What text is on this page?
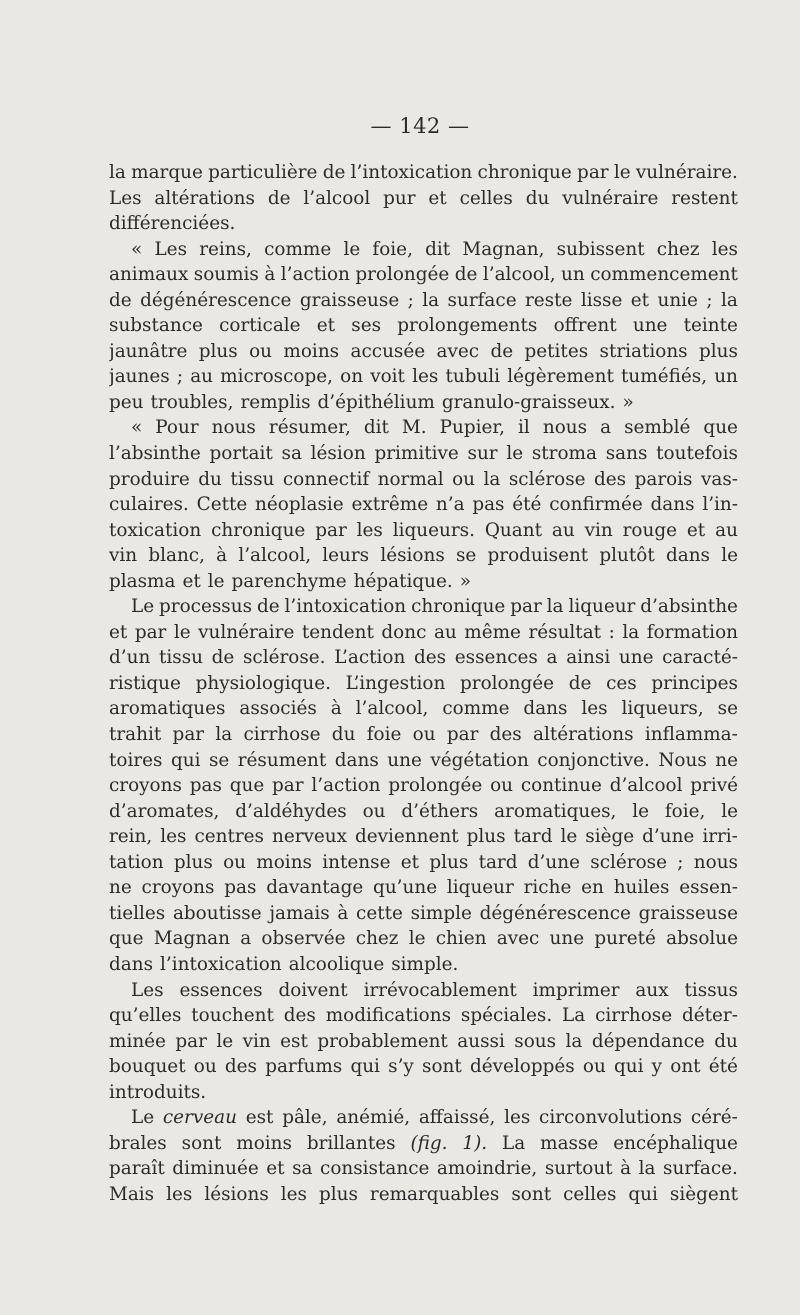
— 142 —
la marque particulière de l’intoxication chronique par le vulnéraire.
Les altérations de l’alcool pur et celles du vulnéraire restent
différenciées.
« Les reins, comme le foie, dit Magnan, subissent chez les
animaux soumis à l’action prolongée de l’alcool, un commencement
de dégénérescence graisseuse ; la surface reste lisse et unie ; la
substance corticale et ses prolongements offrent une teinte
jaunâtre plus ou moins accusée avec de petites striations plus
jaunes ; au microscope, on voit les tubuli légèrement tuméfiés, un
peu troubles, remplis d’épithélium granulo-graisseux. »
« Pour nous résumer, dit M. Pupier, il nous a semblé que
l’absinthe portait sa lésion primitive sur le stroma sans toutefois
produire du tissu connectif normal ou la sclérose des parois vas-
culaires. Cette néoplasie extrême n’a pas été confirmée dans l’in-
toxication chronique par les liqueurs. Quant au vin rouge et au
vin blanc, à l’alcool, leurs lésions se produisent plutôt dans le
plasma et le parenchyme hépatique. »
Le processus de l’intoxication chronique par la liqueur d’absinthe
et par le vulnéraire tendent donc au même résultat : la formation
d’un tissu de sclérose. L’action des essences a ainsi une caracté-
ristique physiologique. L’ingestion prolongée de ces principes
aromatiques associés à l’alcool, comme dans les liqueurs, se
trahit par la cirrhose du foie ou par des altérations inflamma-
toires qui se résument dans une végétation conjonctive. Nous ne
croyons pas que par l’action prolongée ou continue d’alcool privé
d’aromates, d’aldéhydes ou d’éthers aromatiques, le foie, le
rein, les centres nerveux deviennent plus tard le siège d’une irri-
tation plus ou moins intense et plus tard d’une sclérose ; nous
ne croyons pas davantage qu’une liqueur riche en huiles essen-
tielles aboutisse jamais à cette simple dégénérescence graisseuse
que Magnan a observée chez le chien avec une pureté absolue
dans l’intoxication alcoolique simple.
Les essences doivent irrévocablement imprimer aux tissus
qu’elles touchent des modifications spéciales. La cirrhose déter-
minée par le vin est probablement aussi sous la dépendance du
bouquet ou des parfums qui s’y sont développés ou qui y ont été
introduits.
Le cerveau est pâle, anémié, affaissé, les circonvolutions céré-
brales sont moins brillantes (fig. 1). La masse encéphalique
paraît diminuée et sa consistance amoindrie, surtout à la surface.
Mais les lésions les plus remarquables sont celles qui siègent
